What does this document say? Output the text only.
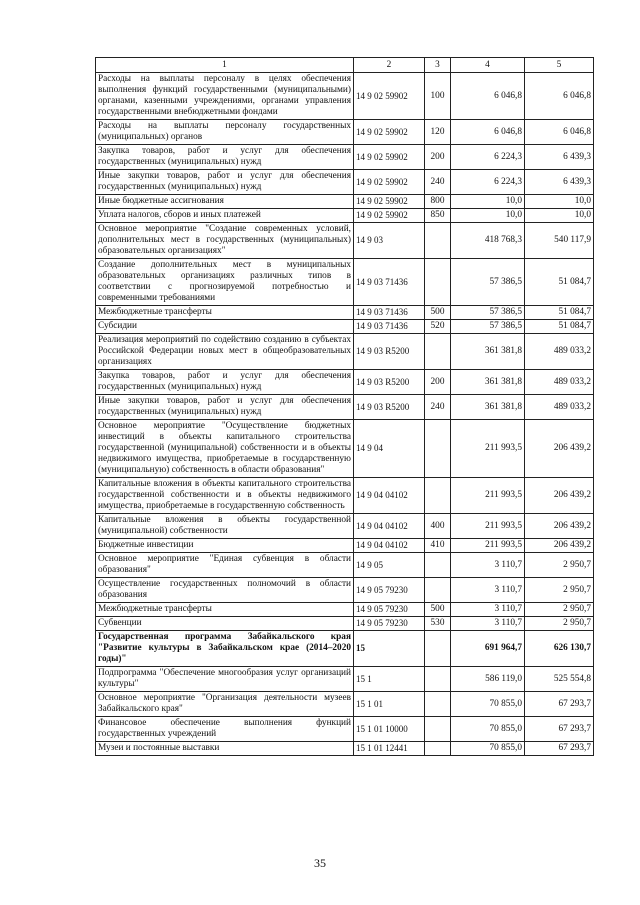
1	2	3	4	5
Расходы на выплаты персоналу в целях обеспечения выполнения функций государственными (муниципальными) органами, казенными учреждениями, органами управления государственными внебюджетными фондами	14 9 02 59902	100	6 046,8	6 046,8
Расходы на выплаты персоналу государственных (муниципальных) органов	14 9 02 59902	120	6 046,8	6 046,8
Закупка товаров, работ и услуг для обеспечения государственных (муниципальных) нужд	14 9 02 59902	200	6 224,3	6 439,3
Иные закупки товаров, работ и услуг для обеспечения государственных (муниципальных) нужд	14 9 02 59902	240	6 224,3	6 439,3
Иные бюджетные ассигнования	14 9 02 59902	800	10,0	10,0
Уплата налогов, сборов и иных платежей	14 9 02 59902	850	10,0	10,0
Основное мероприятие "Создание современных условий, дополнительных мест в государственных (муниципальных) образовательных организациях"	14 9 03		418 768,3	540 117,9
Создание дополнительных мест в муниципальных образовательных организациях различных типов в соответствии с прогнозируемой потребностью и современными требованиями	14 9 03 71436		57 386,5	51 084,7
Межбюджетные трансферты	14 9 03 71436	500	57 386,5	51 084,7
Субсидии	14 9 03 71436	520	57 386,5	51 084,7
Реализация мероприятий по содействию созданию в субъектах Российской Федерации новых мест в общеобразовательных организациях	14 9 03 R5200		361 381,8	489 033,2
Закупка товаров, работ и услуг для обеспечения государственных (муниципальных) нужд	14 9 03 R5200	200	361 381,8	489 033,2
Иные закупки товаров, работ и услуг для обеспечения государственных (муниципальных) нужд	14 9 03 R5200	240	361 381,8	489 033,2
Основное мероприятие "Осуществление бюджетных инвестиций в объекты капитального строительства государственной (муниципальной) собственности и в объекты недвижимого имущества, приобретаемые в государственную (муниципальную) собственность в области образования"	14 9 04		211 993,5	206 439,2
Капитальные вложения в объекты капитального строительства государственной собственности и в объекты недвижимого имущества, приобретаемые в государственную собственность	14 9 04 04102		211 993,5	206 439,2
Капитальные вложения в объекты государственной (муниципальной) собственности	14 9 04 04102	400	211 993,5	206 439,2
Бюджетные инвестиции	14 9 04 04102	410	211 993,5	206 439,2
Основное мероприятие "Единая субвенция в области образования"	14 9 05		3 110,7	2 950,7
Осуществление государственных полномочий в области образования	14 9 05 79230		3 110,7	2 950,7
Межбюджетные трансферты	14 9 05 79230	500	3 110,7	2 950,7
Субвенции	14 9 05 79230	530	3 110,7	2 950,7
Государственная программа Забайкальского края "Развитие культуры в Забайкальском крае (2014–2020 годы)"	15		691 964,7	626 130,7
Подпрограмма "Обеспечение многообразия услуг организаций культуры"	15 1		586 119,0	525 554,8
Основное мероприятие "Организация деятельности музеев Забайкальского края"	15 1 01		70 855,0	67 293,7
Финансовое обеспечение выполнения функций государственных учреждений	15 1 01 10000		70 855,0	67 293,7
Музеи и постоянные выставки	15 1 01 12441		70 855,0	67 293,7
35
